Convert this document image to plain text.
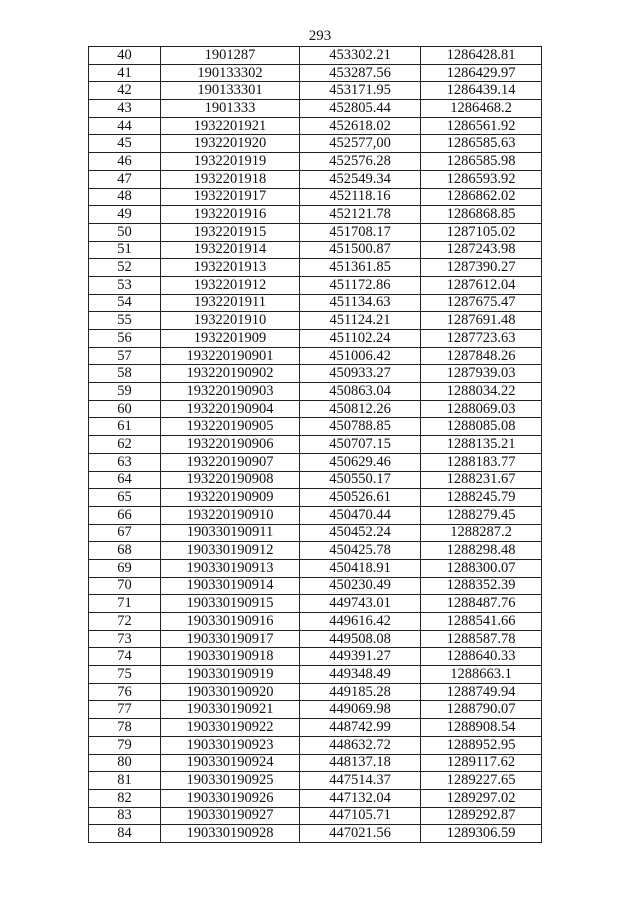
293
40	1901287	453302.21	1286428.81
41	190133302	453287.56	1286429.97
42	190133301	453171.95	1286439.14
43	1901333	452805.44	1286468.2
44	1932201921	452618.02	1286561.92
45	1932201920	452577,00	1286585.63
46	1932201919	452576.28	1286585.98
47	1932201918	452549.34	1286593.92
48	1932201917	452118.16	1286862.02
49	1932201916	452121.78	1286868.85
50	1932201915	451708.17	1287105.02
51	1932201914	451500.87	1287243.98
52	1932201913	451361.85	1287390.27
53	1932201912	451172.86	1287612.04
54	1932201911	451134.63	1287675.47
55	1932201910	451124.21	1287691.48
56	1932201909	451102.24	1287723.63
57	193220190901	451006.42	1287848.26
58	193220190902	450933.27	1287939.03
59	193220190903	450863.04	1288034.22
60	193220190904	450812.26	1288069.03
61	193220190905	450788.85	1288085.08
62	193220190906	450707.15	1288135.21
63	193220190907	450629.46	1288183.77
64	193220190908	450550.17	1288231.67
65	193220190909	450526.61	1288245.79
66	193220190910	450470.44	1288279.45
67	190330190911	450452.24	1288287.2
68	190330190912	450425.78	1288298.48
69	190330190913	450418.91	1288300.07
70	190330190914	450230.49	1288352.39
71	190330190915	449743.01	1288487.76
72	190330190916	449616.42	1288541.66
73	190330190917	449508.08	1288587.78
74	190330190918	449391.27	1288640.33
75	190330190919	449348.49	1288663.1
76	190330190920	449185.28	1288749.94
77	190330190921	449069.98	1288790.07
78	190330190922	448742.99	1288908.54
79	190330190923	448632.72	1288952.95
80	190330190924	448137.18	1289117.62
81	190330190925	447514.37	1289227.65
82	190330190926	447132.04	1289297.02
83	190330190927	447105.71	1289292.87
84	190330190928	447021.56	1289306.59
